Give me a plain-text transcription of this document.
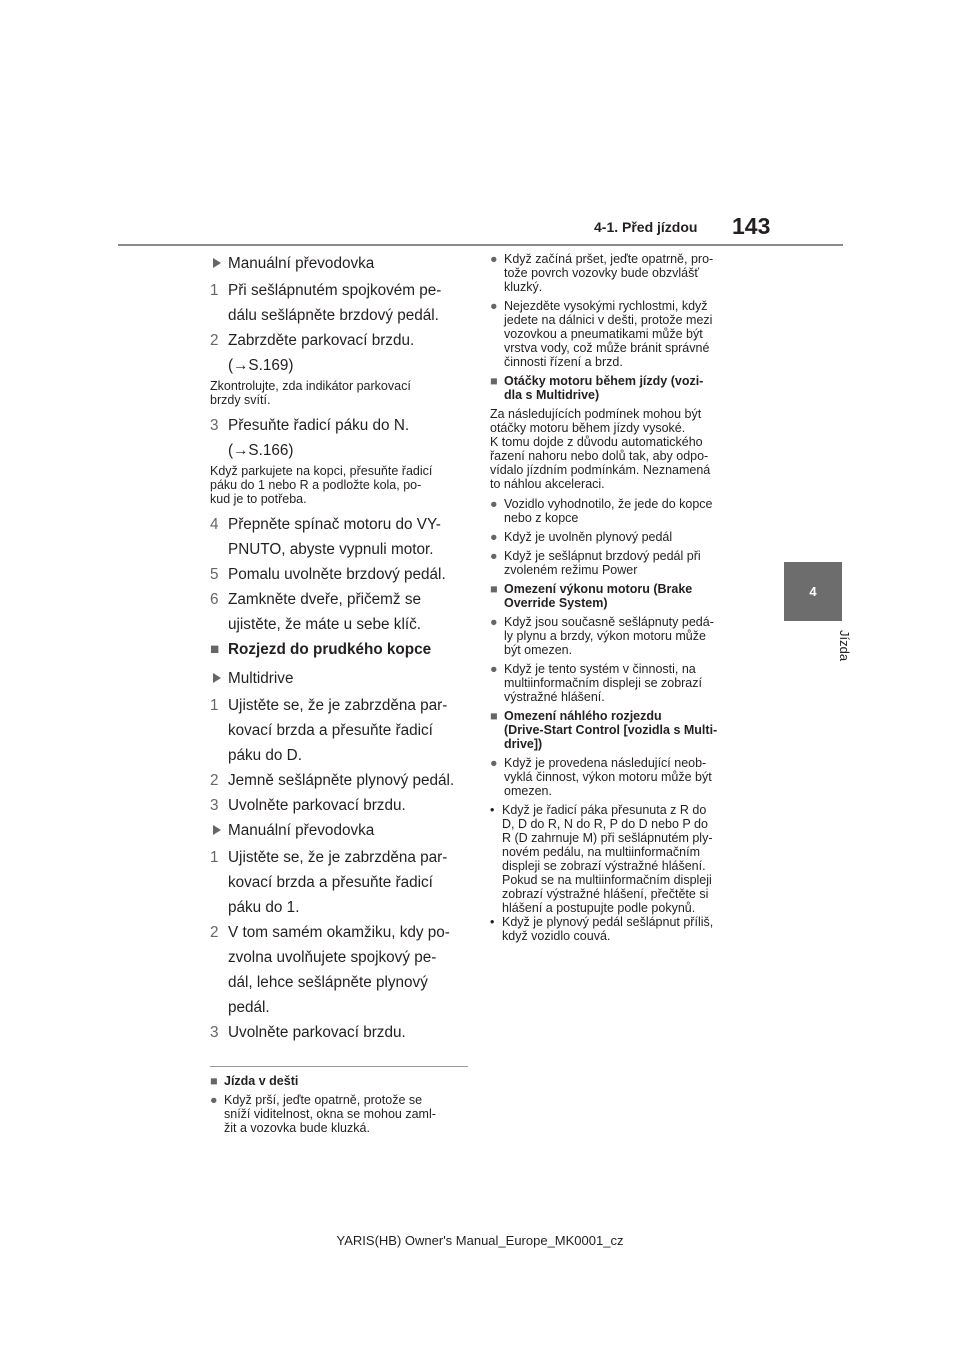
4-1. Před jízdou 143
4
Jízda
Manuální převodovka
1 Při sešlápnutém spojkovém pe-
dálu sešlápněte brzdový pedál.
2 Zabrzděte parkovací brzdu.
(→S.169)
Zkontrolujte, zda indikátor parkovací
brzdy svítí.
3 Přesuňte řadicí páku do N.
(→S.166)
Když parkujete na kopci, přesuňte řadicí
páku do 1 nebo R a podložte kola, po-
kud je to potřeba.
4 Přepněte spínač motoru do VY-
PNUTO, abyste vypnuli motor.
5 Pomalu uvolněte brzdový pedál.
6 Zamkněte dveře, přičemž se
ujistěte, že máte u sebe klíč.
■ Rozjezd do prudkého kopce
Multidrive
1 Ujistěte se, že je zabrzděna par-
kovací brzda a přesuňte řadicí
páku do D.
2 Jemně sešlápněte plynový pedál.
3 Uvolněte parkovací brzdu.
Manuální převodovka
1 Ujistěte se, že je zabrzděna par-
kovací brzda a přesuňte řadicí
páku do 1.
2 V tom samém okamžiku, kdy po-
zvolna uvolňujete spojkový pe-
dál, lehce sešlápněte plynový
pedál.
3 Uvolněte parkovací brzdu.
■ Jízda v dešti
● Když prší, jeďte opatrně, protože se
sníží viditelnost, okna se mohou zaml-
žit a vozovka bude kluzká.
● Když začíná pršet, jeďte opatrně, pro-
tože povrch vozovky bude obzvlášť
kluzký.
● Nejezděte vysokými rychlostmi, když
jedete na dálnici v dešti, protože mezi
vozovkou a pneumatikami může být
vrstva vody, což může bránit správné
činnosti řízení a brzd.
■ Otáčky motoru během jízdy (vozi-
dla s Multidrive)
Za následujících podmínek mohou být
otáčky motoru během jízdy vysoké.
K tomu dojde z důvodu automatického
řazení nahoru nebo dolů tak, aby odpo-
vídalo jízdním podmínkám. Neznamená
to náhlou akceleraci.
● Vozidlo vyhodnotilo, že jede do kopce
nebo z kopce
● Když je uvolněn plynový pedál
● Když je sešlápnut brzdový pedál při
zvoleném režimu Power
■ Omezení výkonu motoru (Brake
Override System)
● Když jsou současně sešlápnuty pedá-
ly plynu a brzdy, výkon motoru může
být omezen.
● Když je tento systém v činnosti, na
multiinformačním displeji se zobrazí
výstražné hlášení.
■ Omezení náhlého rozjezdu
(Drive-Start Control [vozidla s Multi-
drive])
● Když je provedena následující neob-
vyklá činnost, výkon motoru může být
omezen.
• Když je řadicí páka přesunuta z R do
D, D do R, N do R, P do D nebo P do
R (D zahrnuje M) při sešlápnutém ply-
novém pedálu, na multiinformačním
displeji se zobrazí výstražné hlášení.
Pokud se na multiinformačním displeji
zobrazí výstražné hlášení, přečtěte si
hlášení a postupujte podle pokynů.
• Když je plynový pedál sešlápnut příliš,
když vozidlo couvá.
YARIS(HB) Owner's Manual_Europe_MK0001_cz
